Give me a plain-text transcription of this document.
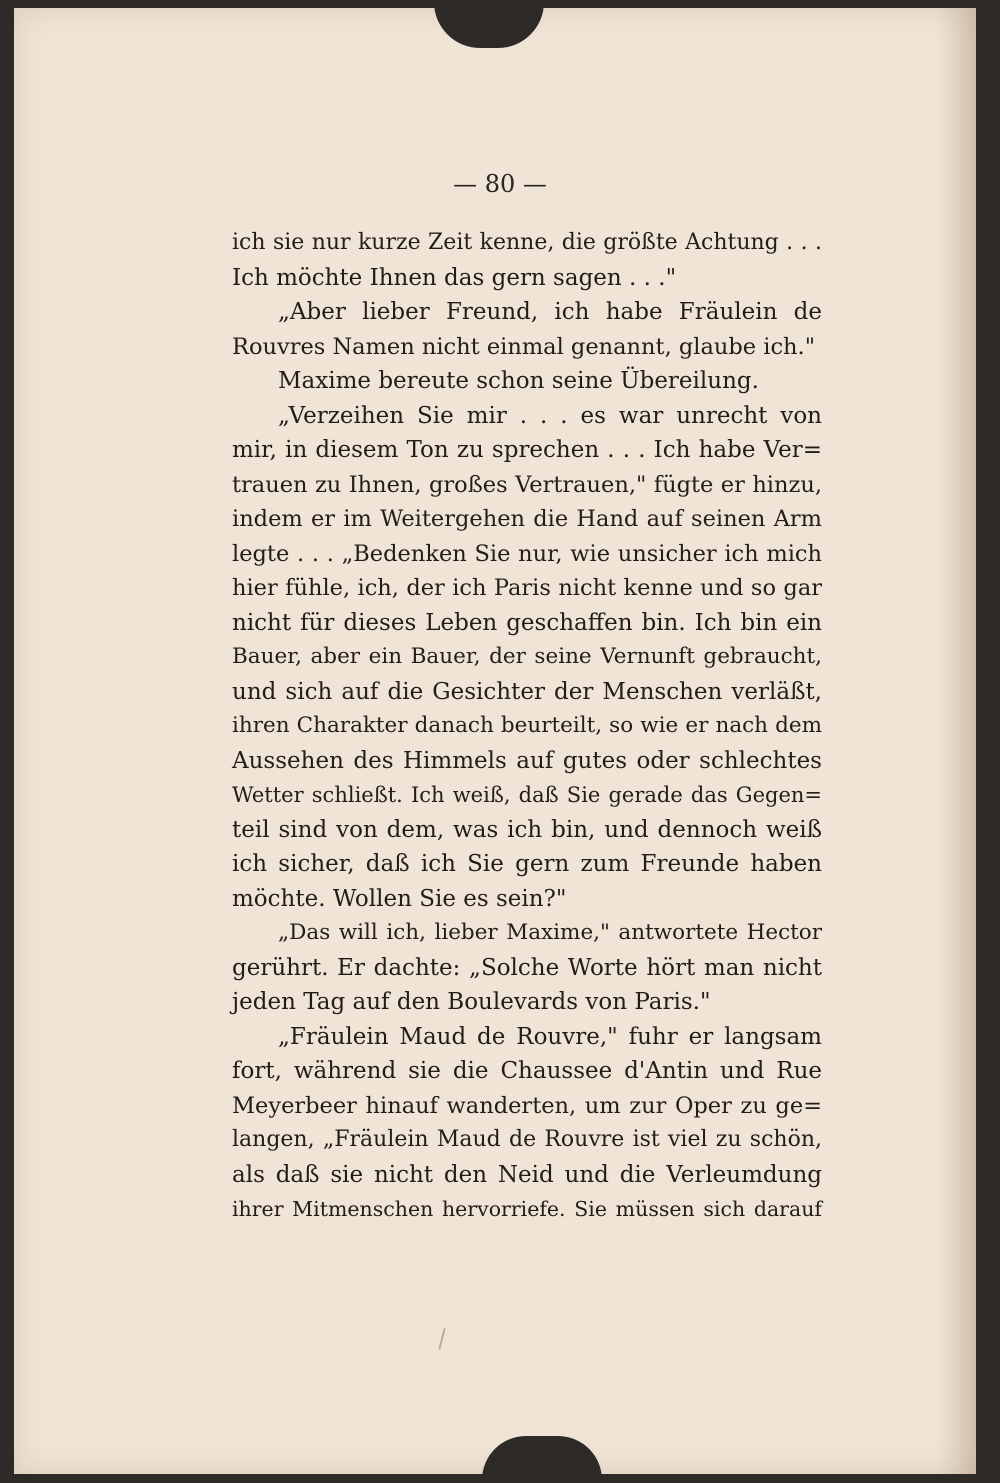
— 80 —
ich sie nur kurze Zeit kenne, die größte Achtung . . .
Ich möchte Ihnen das gern sagen . . ."
„Aber lieber Freund, ich habe Fräulein de
Rouvres Namen nicht einmal genannt, glaube ich."
Maxime bereute schon seine Übereilung.
„Verzeihen Sie mir . . . es war unrecht von
mir, in diesem Ton zu sprechen . . . Ich habe Ver=
trauen zu Ihnen, großes Vertrauen," fügte er hinzu,
indem er im Weitergehen die Hand auf seinen Arm
legte . . . „Bedenken Sie nur, wie unsicher ich mich
hier fühle, ich, der ich Paris nicht kenne und so gar
nicht für dieses Leben geschaffen bin. Ich bin ein
Bauer, aber ein Bauer, der seine Vernunft gebraucht,
und sich auf die Gesichter der Menschen verläßt,
ihren Charakter danach beurteilt, so wie er nach dem
Aussehen des Himmels auf gutes oder schlechtes
Wetter schließt. Ich weiß, daß Sie gerade das Gegen=
teil sind von dem, was ich bin, und dennoch weiß
ich sicher, daß ich Sie gern zum Freunde haben
möchte. Wollen Sie es sein?"
„Das will ich, lieber Maxime," antwortete Hector
gerührt. Er dachte: „Solche Worte hört man nicht
jeden Tag auf den Boulevards von Paris."
„Fräulein Maud de Rouvre," fuhr er langsam
fort, während sie die Chaussee d'Antin und Rue
Meyerbeer hinauf wanderten, um zur Oper zu ge=
langen, „Fräulein Maud de Rouvre ist viel zu schön,
als daß sie nicht den Neid und die Verleumdung
ihrer Mitmenschen hervorriefe. Sie müssen sich darauf
